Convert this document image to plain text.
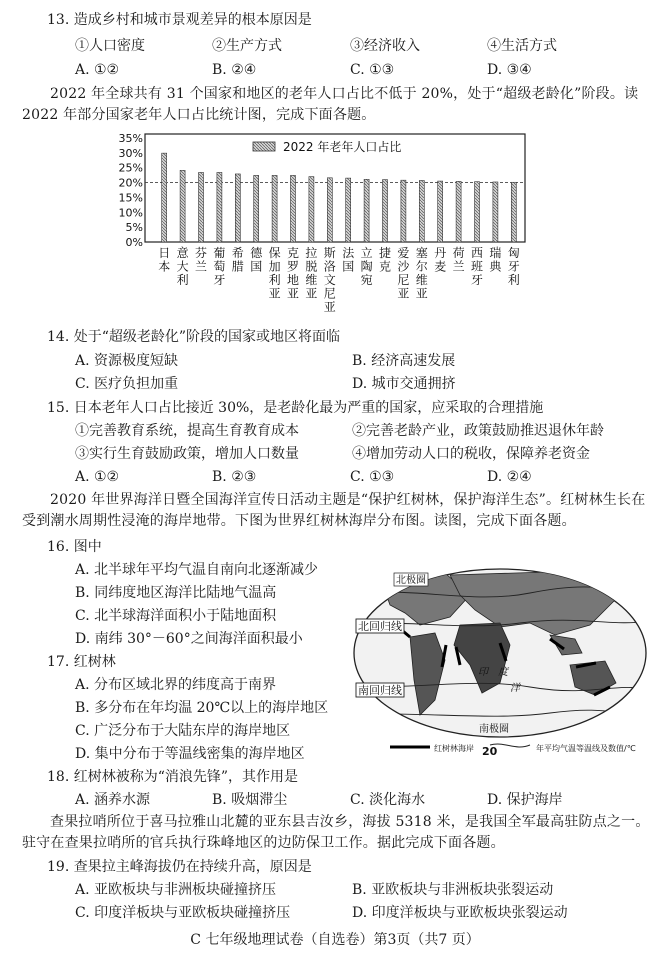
13. 造成乡村和城市景观差异的根本原因是
①人口密度	②生产方式	③经济收入	④生活方式
A. ①②	B. ②④	C. ①③	D. ③④
2022 年全球共有 31 个国家和地区的老年人口占比不低于 20%，处于“超级老龄化”阶段。读 2022 年部分国家老年人口占比统计图，完成下面各题。
35%
30%
25%
20%
15%
10%
5%
0%
日本
意大利
芬兰
葡萄牙
希腊
德国
保加利亚
克罗地亚
拉脱维亚
斯洛文尼亚
法国
立陶宛
捷克
爱沙尼亚
塞尔维亚
丹麦
荷兰
西班牙
瑞典
匈牙利
2022 年老年人口占比
14. 处于“超级老龄化”阶段的国家或地区将面临
A. 资源极度短缺	B. 经济高速发展
C. 医疗负担加重	D. 城市交通拥挤
15. 日本老年人口占比接近 30%，是老龄化最为严重的国家，应采取的合理措施
①完善教育系统，提高生育教育成本	②完善老龄产业，政策鼓励推迟退休年龄
③实行生育鼓励政策，增加人口数量	④增加劳动人口的税收，保障养老资金
A. ①②	B. ②③	C. ①③	D. ②④
2020 年世界海洋日暨全国海洋宣传日活动主题是“保护红树林，保护海洋生态”。红树林生长在受到潮水周期性浸淹的海岸地带。下图为世界红树林海岸分布图。读图，完成下面各题。
16. 图中
A. 北半球年平均气温自南向北逐渐减少
B. 同纬度地区海洋比陆地气温高
C. 北半球海洋面积小于陆地面积
D. 南纬 30°－60°之间海洋面积最小
17. 红树林
A. 分布区域北界的纬度高于南界
B. 多分布在年均温 20℃以上的海岸地区
C. 广泛分布于大陆东岸的海岸地区
D. 集中分布于等温线密集的海岸地区
北极圈
北回归线
南回归线
印　度
洋
南极圈
红树林海岸 20	年平均气温等温线及数值/℃
18. 红树林被称为“消浪先锋”，其作用是
A. 涵养水源	B. 吸烟滞尘	C. 淡化海水	D. 保护海岸
查果拉哨所位于喜马拉雅山北麓的亚东县吉汝乡，海拔 5318 米，是我国全军最高驻防点之一。驻守在查果拉哨所的官兵执行珠峰地区的边防保卫工作。据此完成下面各题。
19. 查果拉主峰海拔仍在持续升高，原因是
A. 亚欧板块与非洲板块碰撞挤压	B. 亚欧板块与非洲板块张裂运动
C. 印度洋板块与亚欧板块碰撞挤压	D. 印度洋板块与亚欧板块张裂运动
C 七年级地理试卷（自选卷）第3页（共7 页）
